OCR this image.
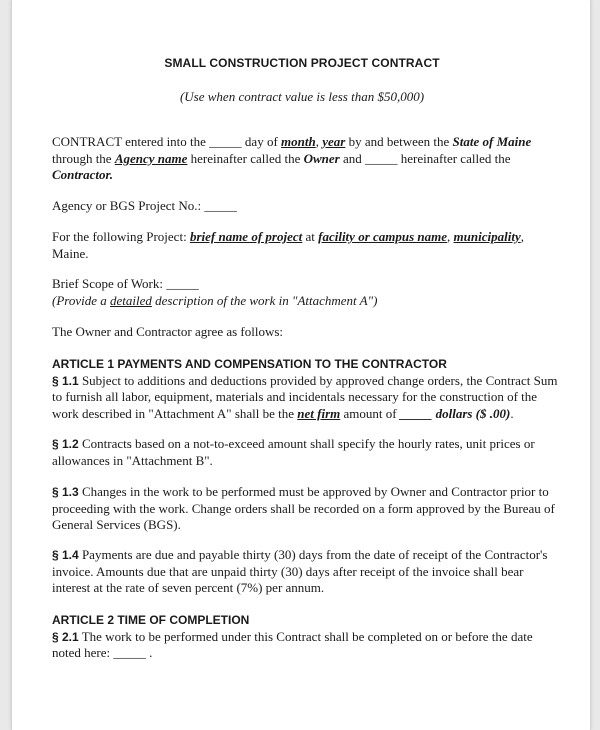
SMALL CONSTRUCTION PROJECT CONTRACT
(Use when contract value is less than $50,000)
CONTRACT entered into the _____ day of month, year by and between the State of Maine
through the Agency name hereinafter called the Owner and _____ hereinafter called the
Contractor.
Agency or BGS Project No.: _____
For the following Project: brief name of project at facility or campus name, municipality,
Maine.
Brief Scope of Work: _____
(Provide a detailed description of the work in "Attachment A")
The Owner and Contractor agree as follows:
ARTICLE 1 PAYMENTS AND COMPENSATION TO THE CONTRACTOR
§ 1.1 Subject to additions and deductions provided by approved change orders, the Contract Sum
to furnish all labor, equipment, materials and incidentals necessary for the construction of the
work described in "Attachment A" shall be the net firm amount of _____ dollars ($ .00).
§ 1.2 Contracts based on a not-to-exceed amount shall specify the hourly rates, unit prices or
allowances in "Attachment B".
§ 1.3 Changes in the work to be performed must be approved by Owner and Contractor prior to
proceeding with the work. Change orders shall be recorded on a form approved by the Bureau of
General Services (BGS).
§ 1.4 Payments are due and payable thirty (30) days from the date of receipt of the Contractor's
invoice. Amounts due that are unpaid thirty (30) days after receipt of the invoice shall bear
interest at the rate of seven percent (7%) per annum.
ARTICLE 2 TIME OF COMPLETION
§ 2.1 The work to be performed under this Contract shall be completed on or before the date
noted here: _____ .
